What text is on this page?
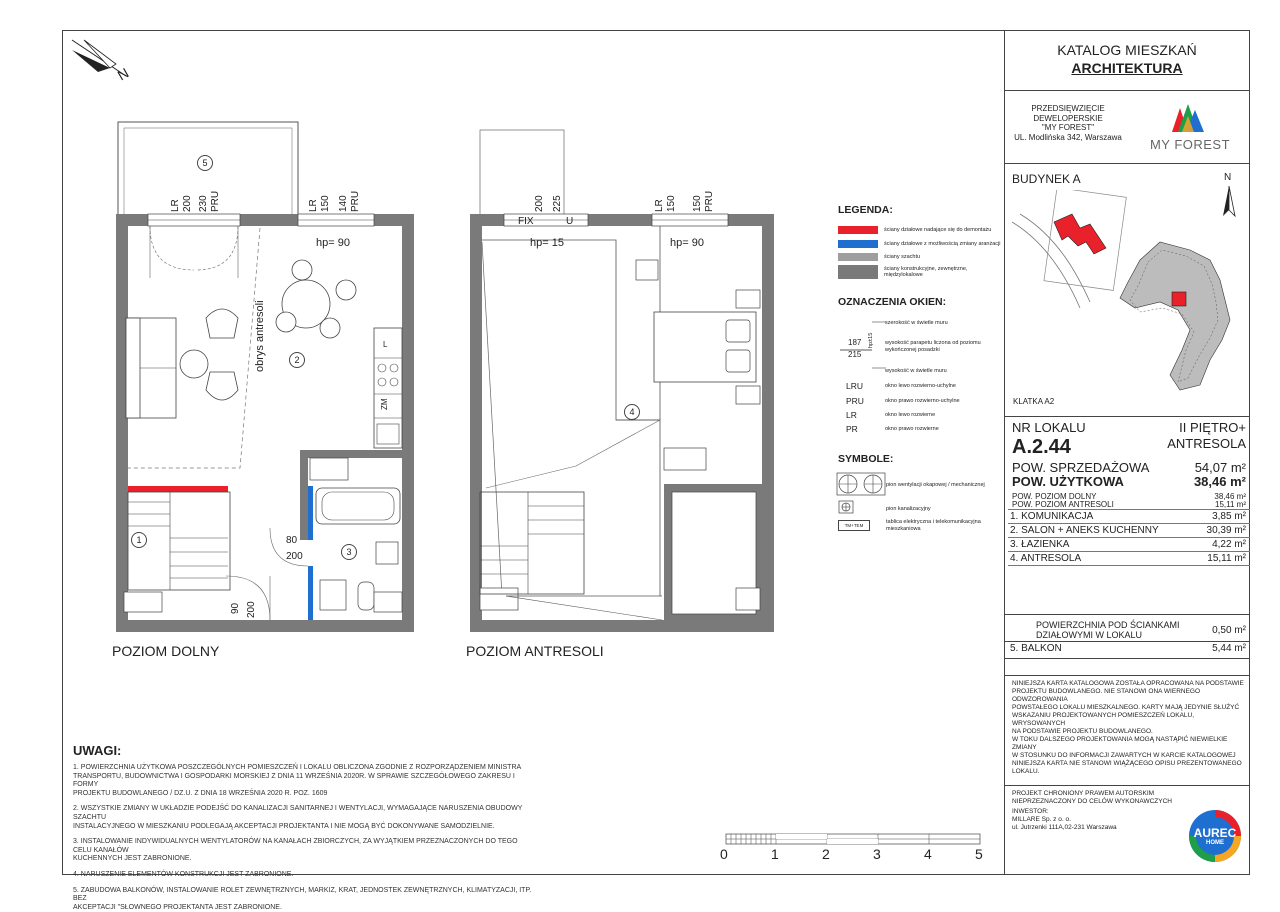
KATALOG MIESZKAŃ
ARCHITEKTURA
PRZEDSIĘWZIĘCIE
DEWELOPERSKIE
"MY FOREST"
UL. Modlińska 342, Warszawa	MY FOREST
BUDYNEK A	N
KLATKA A2
NR LOKALU
A.2.44
II PIĘTRO+
ANTRESOLA
POW. SPRZEDAŻOWA	54,07 m²
POW. UŻYTKOWA	38,46 m²
POW. POZIOM DOLNY	38,46 m²
POW. POZIOM ANTRESOLI	15,11 m²
1. KOMUNIKACJA	3,85 m²
2. SALON + ANEKS KUCHENNY	30,39 m²
3. ŁAZIENKA	4,22 m²
4. ANTRESOLA	15,11 m²
POWIERZCHNIA POD ŚCIANKAMI
DZIAŁOWYMI W LOKALU	0,50 m²
5. BALKON	5,44 m²
NINIEJSZA KARTA KATALOGOWA ZOSTAŁA OPRACOWANA NA PODSTAWIE
PROJEKTU BUDOWLANEGO. NIE STANOWI ONA WIERNEGO ODWZOROWANIA
POWSTAŁEGO LOKALU MIESZKALNEGO. KARTY MAJĄ JEDYNIE SŁUŻYĆ
WSKAZANIU PROJEKTOWANYCH POMIESZCZEŃ LOKALU, WRYSOWANYCH
NA PODSTAWIE PROJEKTU BUDOWLANEGO.
W TOKU DALSZEGO PROJEKTOWANIA MOGĄ NASTĄPIĆ NIEWIELKIE ZMIANY
W STOSUNKU DO INFORMACJI ZAWARTYCH W KARCIE KATALOGOWEJ
NINIEJSZA KARTA NIE STANOWI WIĄŻĄCEGO OPISU PREZENTOWANEGO
LOKALU.
PROJEKT CHRONIONY PRAWEM AUTORSKIM
NIEPRZEZNACZONY DO CELÓW WYKONAWCZYCH
INWESTOR:
MILLARE Sp. z o. o.
ul. Jutrzenki 111A,02-231 Warszawa	AUREC
HOME
N
LEGENDA:
ściany działowe nadające się do demontażu
ściany działowe z możliwością zmiany aranżacji
ściany szachtu
ściany konstrukcyjne, zewnętrzne, międzylokalowe
OZNACZENIA OKIEN:
187
215
hp±15
szerokość w świetle muru
wysokość parapetu liczona od poziomu wykończonej posadzki
wysokość w świetle muru
LRU	okno lewo rozwierno-uchylne
PRU	okno prawo rozwierno-uchylne
LR	okno lewo rozwierne
PR	okno prawo rozwierne
SYMBOLE:
pion wentylacji okapowej / mechanicznej
pion kanalizacyjny
TM+TEM
tablica elektryczna i telekomunikacyjna mieszkaniowa
5
1
2
3
LR 200 230 PRU	LR 150 140 PRU
hp= 90
obrys antresoli	L
ZM
80
200
90 200
POZIOM DOLNY
4
200 225
FIX	U
LR 150 150 PRU
hp= 15	hp= 90
POZIOM ANTRESOLI
UWAGI:
1. POWIERZCHNIA UŻYTKOWA POSZCZEGÓLNYCH POMIESZCZEŃ I LOKALU OBLICZONA ZGODNIE Z ROZPORZĄDZENIEM MINISTRA
TRANSPORTU, BUDOWNICTWA I GOSPODARKI MORSKIEJ Z DNIA 11 WRZEŚNIA 2020R. W SPRAWIE SZCZEGÓŁOWEGO ZAKRESU I FORMY
PROJEKTU BUDOWLANEGO / DZ.U. Z DNIA 18 WRZEŚNIA 2020 R. POZ. 1609
2. WSZYSTKIE ZMIANY W UKŁADZIE PODEJŚĆ DO KANALIZACJI SANITARNEJ I WENTYLACJI, WYMAGAJĄCE NARUSZENIA OBUDOWY SZACHTU
INSTALACYJNEGO W MIESZKANIU PODLEGAJĄ AKCEPTACJI PROJEKTANTA I NIE MOGĄ BYĆ DOKONYWANE SAMODZIELNIE.
3. INSTALOWANIE INDYWIDUALNYCH WENTYLATORÓW NA KANAŁACH ZBIORCZYCH, ZA WYJĄTKIEM PRZEZNACZONYCH DO TEGO CELU KANAŁÓW
KUCHENNYCH JEST ZABRONIONE.
4. NARUSZENIE ELEMENTÓW KONSTRUKCJI JEST ZABRONIONE.
5. ZABUDOWA BALKONÓW, INSTALOWANIE ROLET ZEWNĘTRZNYCH, MARKIZ, KRAT, JEDNOSTEK ZEWNĘTRZNYCH, KLIMATYZACJI, ITP. BEZ
AKCEPTACJI "SŁOWNEGO PROJEKTANTA JEST ZABRONIONE.
0	1	2	3	4	5
